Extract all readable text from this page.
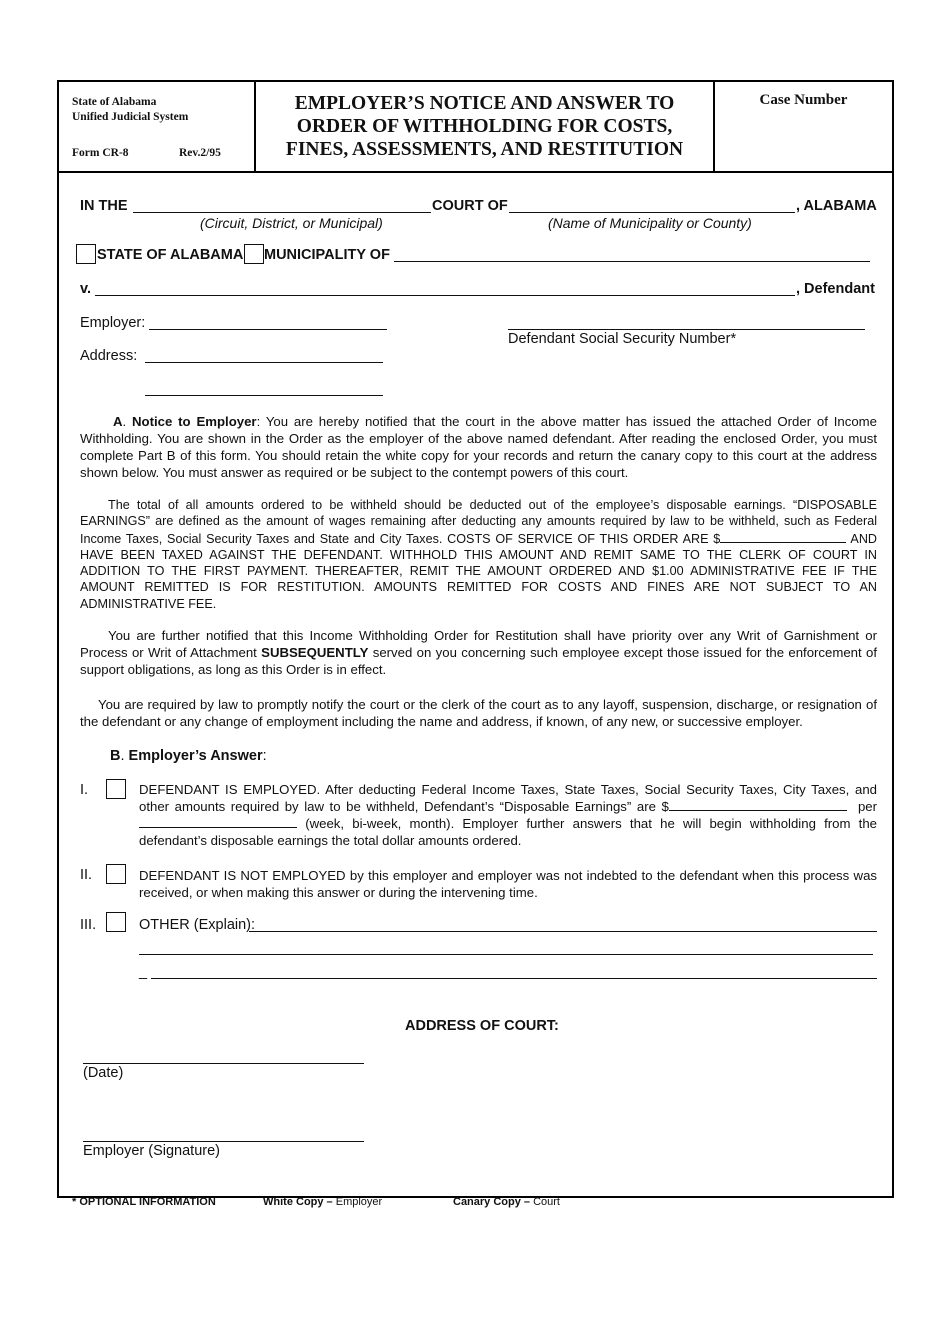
State of Alabama
Unified Judicial System
Form CR-8	Rev.2/95
EMPLOYER’S NOTICE AND ANSWER TO
ORDER OF WITHHOLDING FOR COSTS,
FINES, ASSESSMENTS, AND RESTITUTION
Case Number
IN THE	COURT OF	, ALABAMA
(Circuit, District, or Municipal)	(Name of Municipality or County)
STATE OF ALABAMA MUNICIPALITY OF
v.	, Defendant
Employer:
Defendant Social Security Number*
Address:
A. Notice to Employer: You are hereby notified that the court in the above matter has issued the attached Order of Income Withholding. You are shown in the Order as the employer of the above named defendant. After reading the enclosed Order, you must complete Part B of this form. You should retain the white copy for your records and return the canary copy to this court at the address shown below. You must answer as required or be subject to the contempt powers of this court.
The total of all amounts ordered to be withheld should be deducted out of the employee’s disposable earnings. “DISPOSABLE EARNINGS” are defined as the amount of wages remaining after deducting any amounts required by law to be withheld, such as Federal Income Taxes, Social Security Taxes and State and City Taxes. COSTS OF SERVICE OF THIS ORDER ARE $	AND HAVE BEEN TAXED AGAINST THE DEFENDANT. WITHHOLD THIS AMOUNT AND REMIT SAME TO THE CLERK OF COURT IN ADDITION TO THE FIRST PAYMENT. THEREAFTER, REMIT THE AMOUNT ORDERED AND $1.00 ADMINISTRATIVE FEE IF THE AMOUNT REMITTED IS FOR RESTITUTION. AMOUNTS REMITTED FOR COSTS AND FINES ARE NOT SUBJECT TO AN ADMINISTRATIVE FEE.
You are further notified that this Income Withholding Order for Restitution shall have priority over any Writ of Garnishment or Process or Writ of Attachment SUBSEQUENTLY served on you concerning such employee except those issued for the enforcement of support obligations, as long as this Order is in effect.
You are required by law to promptly notify the court or the clerk of the court as to any layoff, suspension, discharge, or resignation of the defendant or any change of employment including the name and address, if known, of any new, or successive employer.
B. Employer’s Answer:
I.	DEFENDANT IS EMPLOYED. After deducting Federal Income Taxes, State Taxes, Social Security Taxes, City Taxes, and other amounts required by law to be withheld, Defendant’s “Disposable Earnings” are $	per  (week, bi-week, month). Employer further answers that he will begin withholding from the defendant’s disposable earnings the total dollar amounts ordered.
II.	DEFENDANT IS NOT EMPLOYED by this employer and employer was not indebted to the defendant when this process was received, or when making this answer or during the intervening time.
III.	OTHER (Explain):
_
ADDRESS OF COURT:
(Date)
Employer (Signature)
* OPTIONAL INFORMATION	White Copy – Employer	Canary Copy – Court
